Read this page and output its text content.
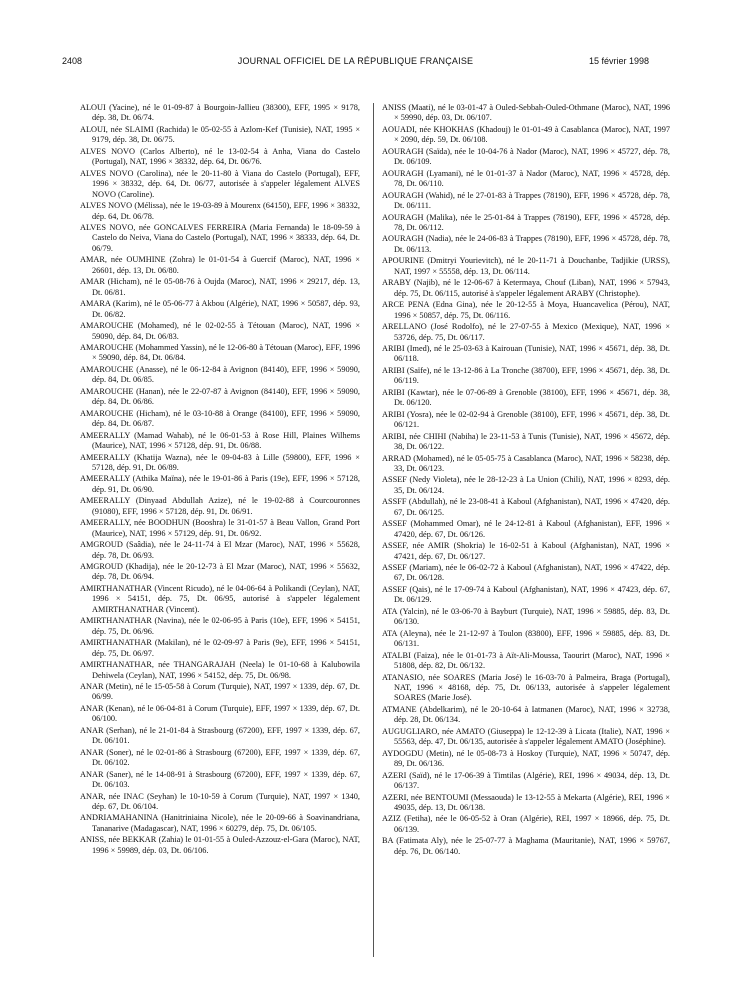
2408	JOURNAL OFFICIEL DE LA RÉPUBLIQUE FRANÇAISE	15 février 1998

ALOUI (Yacine), né le 01-09-87 à Bourgoin-Jallieu (38300), EFF, 1995 × 9178, dép. 38, Dt. 06/74.

ALOUI, née SLAIMI (Rachida) le 05-02-55 à Azlom-Kef (Tunisie), NAT, 1995 × 9179, dép. 38, Dt. 06/75.

ALVES NOVO (Carlos Alberto), né le 13-02-54 à Anha, Viana do Castelo (Portugal), NAT, 1996 × 38332, dép. 64, Dt. 06/76.

ALVES NOVO (Carolina), née le 20-11-80 à Viana do Castelo (Portugal), EFF, 1996 × 38332, dép. 64, Dt. 06/77, autorisée à s'appeler légalement ALVES NOVO (Caroline).

ALVES NOVO (Mélissa), née le 19-03-89 à Mourenx (64150), EFF, 1996 × 38332, dép. 64, Dt. 06/78.

ALVES NOVO, née GONCALVES FERREIRA (Maria Fernanda) le 18-09-59 à Castelo do Neiva, Viana do Castelo (Portugal), NAT, 1996 × 38333, dép. 64, Dt. 06/79.

AMAR, née OUMHINE (Zohra) le 01-01-54 à Guercif (Maroc), NAT, 1996 × 26601, dép. 13, Dt. 06/80.

AMAR (Hicham), né le 05-08-76 à Oujda (Maroc), NAT, 1996 × 29217, dép. 13, Dt. 06/81.

AMARA (Karim), né le 05-06-77 à Akbou (Algérie), NAT, 1996 × 50587, dép. 93, Dt. 06/82.

AMAROUCHE (Mohamed), né le 02-02-55 à Tétouan (Maroc), NAT, 1996 × 59090, dép. 84, Dt. 06/83.

AMAROUCHE (Mohammed Yassin), né le 12-06-80 à Tétouan (Maroc), EFF, 1996 × 59090, dép. 84, Dt. 06/84.

AMAROUCHE (Anasse), né le 06-12-84 à Avignon (84140), EFF, 1996 × 59090, dép. 84, Dt. 06/85.

AMAROUCHE (Hanan), née le 22-07-87 à Avignon (84140), EFF, 1996 × 59090, dép. 84, Dt. 06/86.

AMAROUCHE (Hicham), né le 03-10-88 à Orange (84100), EFF, 1996 × 59090, dép. 84, Dt. 06/87.

AMEERALLY (Mamad Wahab), né le 06-01-53 à Rose Hill, Plaines Wilhems (Maurice), NAT, 1996 × 57128, dép. 91, Dt. 06/88.

AMEERALLY (Khatija Wazna), née le 09-04-83 à Lille (59800), EFF, 1996 × 57128, dép. 91, Dt. 06/89.

AMEERALLY (Athika Maïna), née le 19-01-86 à Paris (19e), EFF, 1996 × 57128, dép. 91, Dt. 06/90.

AMEERALLY (Dinyaad Abdullah Azize), né le 19-02-88 à Courcouronnes (91080), EFF, 1996 × 57128, dép. 91, Dt. 06/91.

AMEERALLY, née BOODHUN (Booshra) le 31-01-57 à Beau Vallon, Grand Port (Maurice), NAT, 1996 × 57129, dép. 91, Dt. 06/92.

AMGROUD (Saâdia), née le 24-11-74 à El Mzar (Maroc), NAT, 1996 × 55628, dép. 78, Dt. 06/93.

AMGROUD (Khadija), née le 20-12-73 à El Mzar (Maroc), NAT, 1996 × 55632, dép. 78, Dt. 06/94.

AMIRTHANATHAR (Vincent Ricudo), né le 04-06-64 à Polikandi (Ceylan), NAT, 1996 × 54151, dép. 75, Dt. 06/95, autorisé à s'appeler légalement AMIRTHANATHAR (Vincent).

AMIRTHANATHAR (Navina), née le 02-06-95 à Paris (10e), EFF, 1996 × 54151, dép. 75, Dt. 06/96.

AMIRTHANATHAR (Makilan), né le 02-09-97 à Paris (9e), EFF, 1996 × 54151, dép. 75, Dt. 06/97.

AMIRTHANATHAR, née THANGARAJAH (Neela) le 01-10-68 à Kalubowila Dehiwela (Ceylan), NAT, 1996 × 54152, dép. 75, Dt. 06/98.

ANAR (Metin), né le 15-05-58 à Corum (Turquie), NAT, 1997 × 1339, dép. 67, Dt. 06/99.

ANAR (Kenan), né le 06-04-81 à Corum (Turquie), EFF, 1997 × 1339, dép. 67, Dt. 06/100.

ANAR (Serhan), né le 21-01-84 à Strasbourg (67200), EFF, 1997 × 1339, dép. 67, Dt. 06/101.

ANAR (Soner), né le 02-01-86 à Strasbourg (67200), EFF, 1997 × 1339, dép. 67, Dt. 06/102.

ANAR (Saner), né le 14-08-91 à Strasbourg (67200), EFF, 1997 × 1339, dép. 67, Dt. 06/103.

ANAR, née INAC (Seyhan) le 10-10-59 à Corum (Turquie), NAT, 1997 × 1340, dép. 67, Dt. 06/104.

ANDRIAMAHANINA (Hanitriniaina Nicole), née le 20-09-66 à Soavinandriana, Tananarive (Madagascar), NAT, 1996 × 60279, dép. 75, Dt. 06/105.

ANISS, née BEKKAR (Zahia) le 01-01-55 à Ouled-Azzouz-el-Gara (Maroc), NAT, 1996 × 59989, dép. 03, Dt. 06/106.

ANISS (Maati), né le 03-01-47 à Ouled-Sebbah-Ouled-Othmane (Maroc), NAT, 1996 × 59990, dép. 03, Dt. 06/107.

AOUADI, née KHOKHAS (Khadouj) le 01-01-49 à Casablanca (Maroc), NAT, 1997 × 2090, dép. 59, Dt. 06/108.

AOURAGH (Saïda), née le 10-04-76 à Nador (Maroc), NAT, 1996 × 45727, dép. 78, Dt. 06/109.

AOURAGH (Lyamani), né le 01-01-37 à Nador (Maroc), NAT, 1996 × 45728, dép. 78, Dt. 06/110.

AOURAGH (Wahid), né le 27-01-83 à Trappes (78190), EFF, 1996 × 45728, dép. 78, Dt. 06/111.

AOURAGH (Malika), née le 25-01-84 à Trappes (78190), EFF, 1996 × 45728, dép. 78, Dt. 06/112.

AOURAGH (Nadia), née le 24-06-83 à Trappes (78190), EFF, 1996 × 45728, dép. 78, Dt. 06/113.

APOURINE (Dmitryi Yourievitch), né le 20-11-71 à Douchanbe, Tadjikie (URSS), NAT, 1997 × 55558, dép. 13, Dt. 06/114.

ARABY (Najib), né le 12-06-67 à Ketermaya, Chouf (Liban), NAT, 1996 × 57943, dép. 75, Dt. 06/115, autorisé à s'appeler légalement ARABY (Christophe).

ARCE PENA (Edna Gina), née le 20-12-55 à Moya, Huancavelica (Pérou), NAT, 1996 × 50857, dép. 75, Dt. 06/116.

ARELLANO (José Rodolfo), né le 27-07-55 à Mexico (Mexique), NAT, 1996 × 53726, dép. 75, Dt. 06/117.

ARIBI (Imed), né le 25-03-63 à Kairouan (Tunisie), NAT, 1996 × 45671, dép. 38, Dt. 06/118.

ARIBI (Saïfe), né le 13-12-86 à La Tronche (38700), EFF, 1996 × 45671, dép. 38, Dt. 06/119.

ARIBI (Kawtar), née le 07-06-89 à Grenoble (38100), EFF, 1996 × 45671, dép. 38, Dt. 06/120.

ARIBI (Yosra), née le 02-02-94 à Grenoble (38100), EFF, 1996 × 45671, dép. 38, Dt. 06/121.

ARIBI, née CHIHI (Nabiha) le 23-11-53 à Tunis (Tunisie), NAT, 1996 × 45672, dép. 38, Dt. 06/122.

ARRAD (Mohamed), né le 05-05-75 à Casablanca (Maroc), NAT, 1996 × 58238, dép. 33, Dt. 06/123.

ASSEF (Nedy Violeta), née le 28-12-23 à La Union (Chili), NAT, 1996 × 8293, dép. 35, Dt. 06/124.

ASSFF (Abdullah), né le 23-08-41 à Kaboul (Afghanistan), NAT, 1996 × 47420, dép. 67, Dt. 06/125.

ASSEF (Mohammed Omar), né le 24-12-81 à Kaboul (Afghanistan), EFF, 1996 × 47420, dép. 67, Dt. 06/126.

ASSEF, née AMIR (Shokria) le 16-02-51 à Kaboul (Afghanistan), NAT, 1996 × 47421, dép. 67, Dt. 06/127.

ASSEF (Mariam), née le 06-02-72 à Kaboul (Afghanistan), NAT, 1996 × 47422, dép. 67, Dt. 06/128.

ASSEF (Qais), né le 17-09-74 à Kaboul (Afghanistan), NAT, 1996 × 47423, dép. 67, Dt. 06/129.

ATA (Yalcin), né le 03-06-70 à Bayburt (Turquie), NAT, 1996 × 59885, dép. 83, Dt. 06/130.

ATA (Aleyna), née le 21-12-97 à Toulon (83800), EFF, 1996 × 59885, dép. 83, Dt. 06/131.

ATALBI (Faiza), née le 01-01-73 à Aït-Ali-Moussa, Taourirt (Maroc), NAT, 1996 × 51808, dép. 82, Dt. 06/132.

ATANASIO, née SOARES (Maria José) le 16-03-70 à Palmeira, Braga (Portugal), NAT, 1996 × 48168, dép. 75, Dt. 06/133, autorisée à s'appeler légalement SOARES (Marie José).

ATMANE (Abdelkarim), né le 20-10-64 à Iatmanen (Maroc), NAT, 1996 × 32738, dép. 28, Dt. 06/134.

AUGUGLIARO, née AMATO (Giuseppa) le 12-12-39 à Licata (Italie), NAT, 1996 × 55563, dép. 47, Dt. 06/135, autorisée à s'appeler légalement AMATO (Joséphine).

AYDOGDU (Metin), né le 05-08-73 à Hoskoy (Turquie), NAT, 1996 × 50747, dép. 89, Dt. 06/136.

AZERI (Saïd), né le 17-06-39 à Timtilas (Algérie), REI, 1996 × 49034, dép. 13, Dt. 06/137.

AZERI, née BENTOUMI (Messaouda) le 13-12-55 à Mekarta (Algérie), REI, 1996 × 49035, dép. 13, Dt. 06/138.

AZIZ (Fetiha), née le 06-05-52 à Oran (Algérie), REI, 1997 × 18966, dép. 75, Dt. 06/139.

BA (Fatimata Aly), née le 25-07-77 à Maghama (Mauritanie), NAT, 1996 × 59767, dép. 76, Dt. 06/140.
